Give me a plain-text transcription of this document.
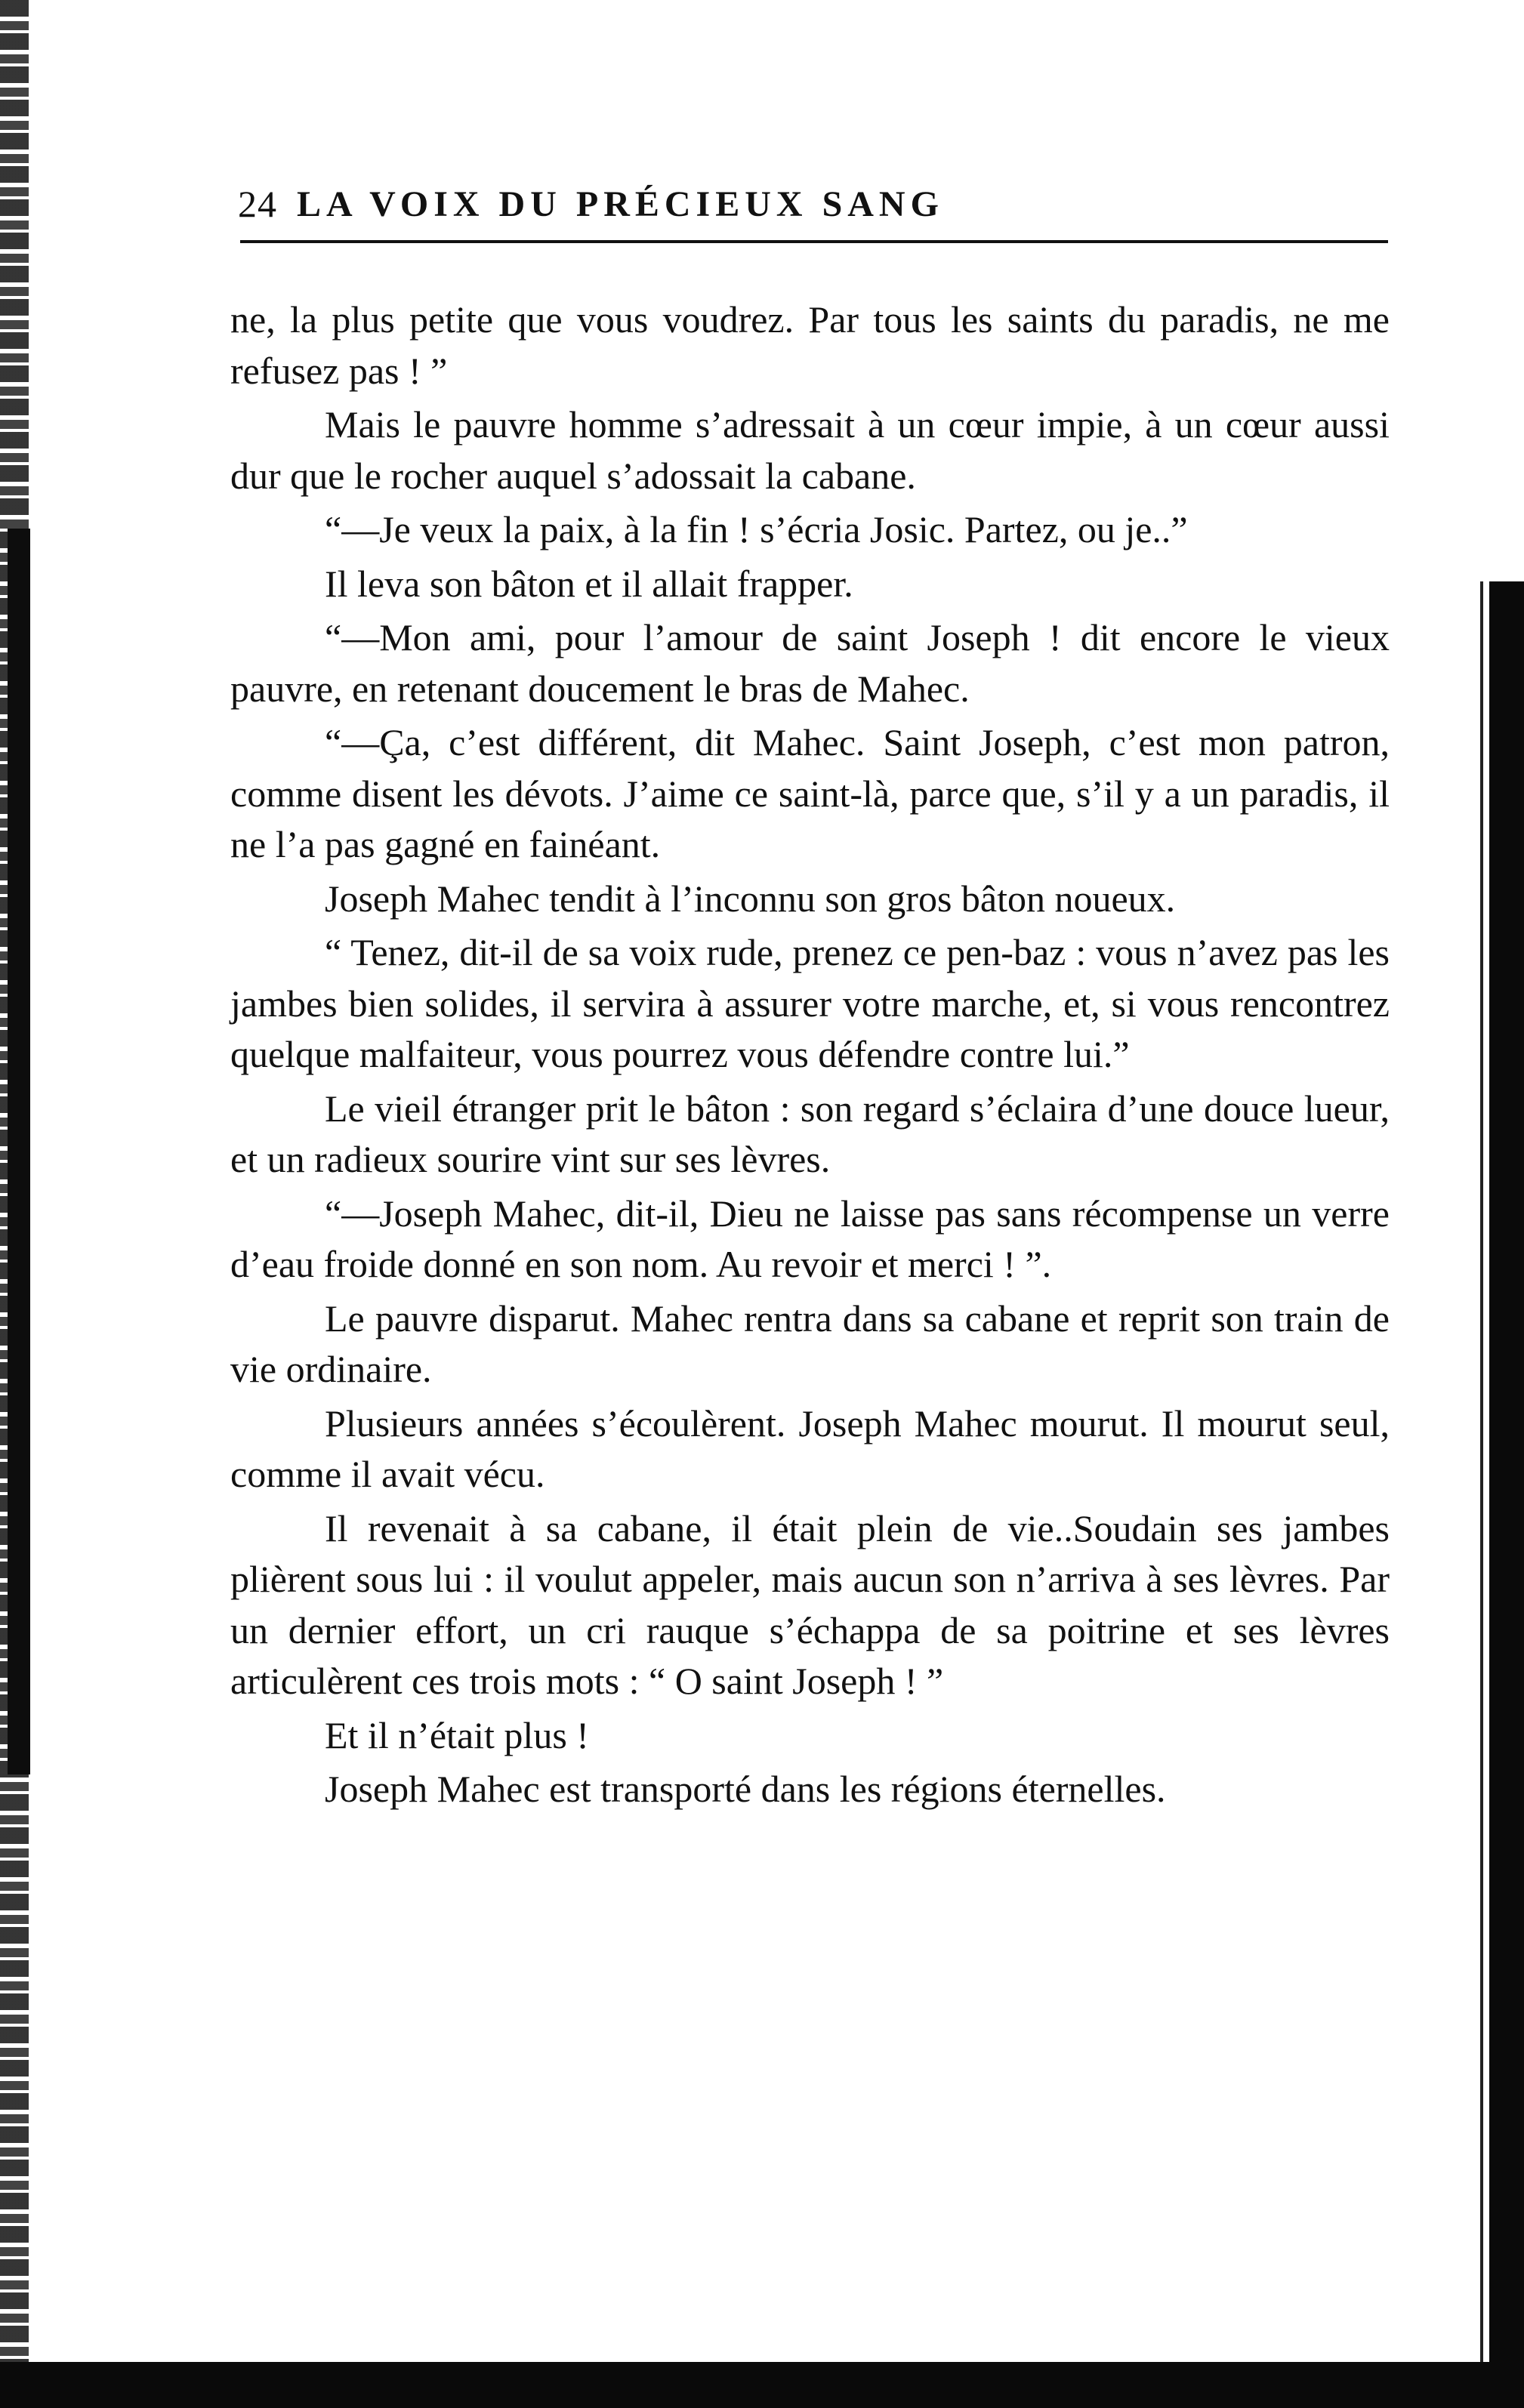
24 LA VOIX DU PRÉCIEUX SANG

ne, la plus petite que vous voudrez. Par tous les saints du paradis, ne me refusez pas ! ”

Mais le pauvre homme s’adressait à un cœur impie, à un cœur aussi dur que le rocher auquel s’adossait la cabane.

“—Je veux la paix, à la fin ! s’écria Josic. Partez, ou je..”

Il leva son bâton et il allait frapper.

“—Mon ami, pour l’amour de saint Joseph ! dit encore le vieux pauvre, en retenant doucement le bras de Mahec.

“—Ça, c’est différent, dit Mahec. Saint Joseph, c’est mon patron, comme disent les dévots. J’aime ce saint-là, parce que, s’il y a un paradis, il ne l’a pas gagné en fainéant.

Joseph Mahec tendit à l’inconnu son gros bâton noueux.

“ Tenez, dit-il de sa voix rude, prenez ce pen-baz : vous n’avez pas les jambes bien solides, il servira à assurer votre marche, et, si vous rencontrez quelque malfaiteur, vous pourrez vous défendre contre lui.”

Le vieil étranger prit le bâton : son regard s’éclaira d’une douce lueur, et un radieux sourire vint sur ses lèvres.

“—Joseph Mahec, dit-il, Dieu ne laisse pas sans récompense un verre d’eau froide donné en son nom. Au revoir et merci ! ”.

Le pauvre disparut. Mahec rentra dans sa cabane et reprit son train de vie ordinaire.

Plusieurs années s’écoulèrent. Joseph Mahec mourut. Il mourut seul, comme il avait vécu.

Il revenait à sa cabane, il était plein de vie..Soudain ses jambes plièrent sous lui : il voulut appeler, mais aucun son n’arriva à ses lèvres. Par un dernier effort, un cri rauque s’échappa de sa poitrine et ses lèvres articulèrent ces trois mots : “ O saint Joseph ! ”

Et il n’était plus !

Joseph Mahec est transporté dans les régions éternelles.
